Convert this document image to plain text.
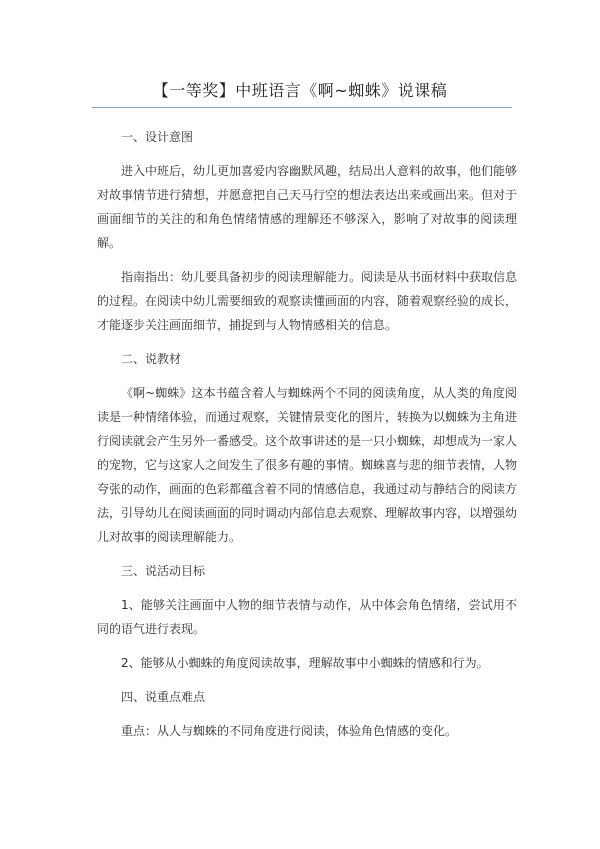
【一等奖】中班语言《啊~蜘蛛》说课稿

一、设计意图

进入中班后，幼儿更加喜爱内容幽默风趣，结局出人意料的故事，他们能够对故事情节进行猜想，并愿意把自己天马行空的想法表达出来或画出来。但对于画面细节的关注的和角色情绪情感的理解还不够深入，影响了对故事的阅读理解。

指南指出：幼儿要具备初步的阅读理解能力。阅读是从书面材料中获取信息的过程。在阅读中幼儿需要细致的观察读懂画面的内容，随着观察经验的成长，才能逐步关注画面细节，捕捉到与人物情感相关的信息。

二、说教材

《啊~蜘蛛》这本书蕴含着人与蜘蛛两个不同的阅读角度，从人类的角度阅读是一种情绪体验，而通过观察，关键情景变化的图片，转换为以蜘蛛为主角进行阅读就会产生另外一番感受。这个故事讲述的是一只小蜘蛛，却想成为一家人的宠物，它与这家人之间发生了很多有趣的事情。蜘蛛喜与悲的细节表情，人物夸张的动作，画面的色彩都蕴含着不同的情感信息，我通过动与静结合的阅读方法，引导幼儿在阅读画面的同时调动内部信息去观察、理解故事内容，以增强幼儿对故事的阅读理解能力。

三、说活动目标

1、能够关注画面中人物的细节表情与动作，从中体会角色情绪，尝试用不同的语气进行表现。

2、能够从小蜘蛛的角度阅读故事，理解故事中小蜘蛛的情感和行为。

四、说重点难点

重点：从人与蜘蛛的不同角度进行阅读，体验角色情感的变化。
